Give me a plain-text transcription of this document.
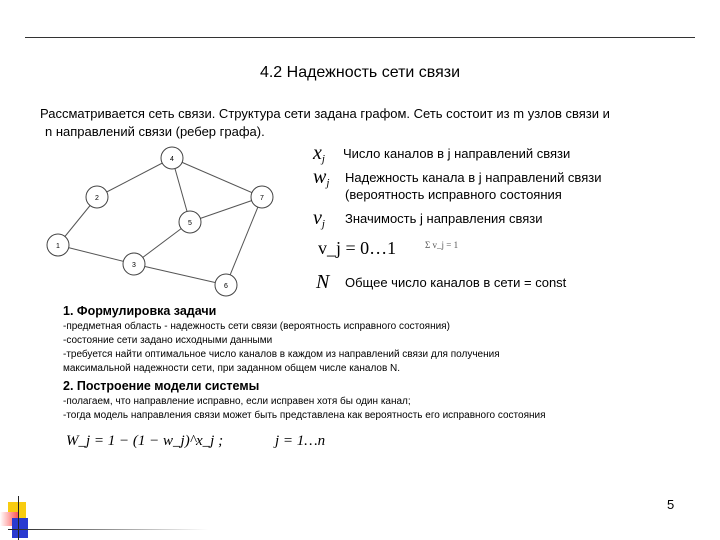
4.2 Надежность сети связи
Рассматривается сеть связи. Структура сети задана графом. Сеть состоит из m узлов связи и
n направлений связи (ребер графа).
4
2	7
5
1
3
6
$x_j$ Число каналов в j направлений связи
$w_j$ Надежность канала в j направлений связи
(вероятность исправного состояния
$v_j$ Значимость j направления связи
v_j = 0…1	Σ v_j = 1
N Общее число каналов в сети = const
1. Формулировка задачи
-предметная область - надежность сети связи (вероятность исправного состояния)
-состояние сети задано исходными данными
-требуется найти оптимальное число каналов в каждом из направлений связи для получения
максимальной надежности сети, при заданном общем числе каналов N.
2. Построение модели системы
-полагаем, что направление исправно, если исправен хотя бы один канал;
-тогда модель направления связи может быть представлена как вероятность его исправного состояния
W_j = 1 − (1 − w_j)^x_j ;	j = 1…n
5
